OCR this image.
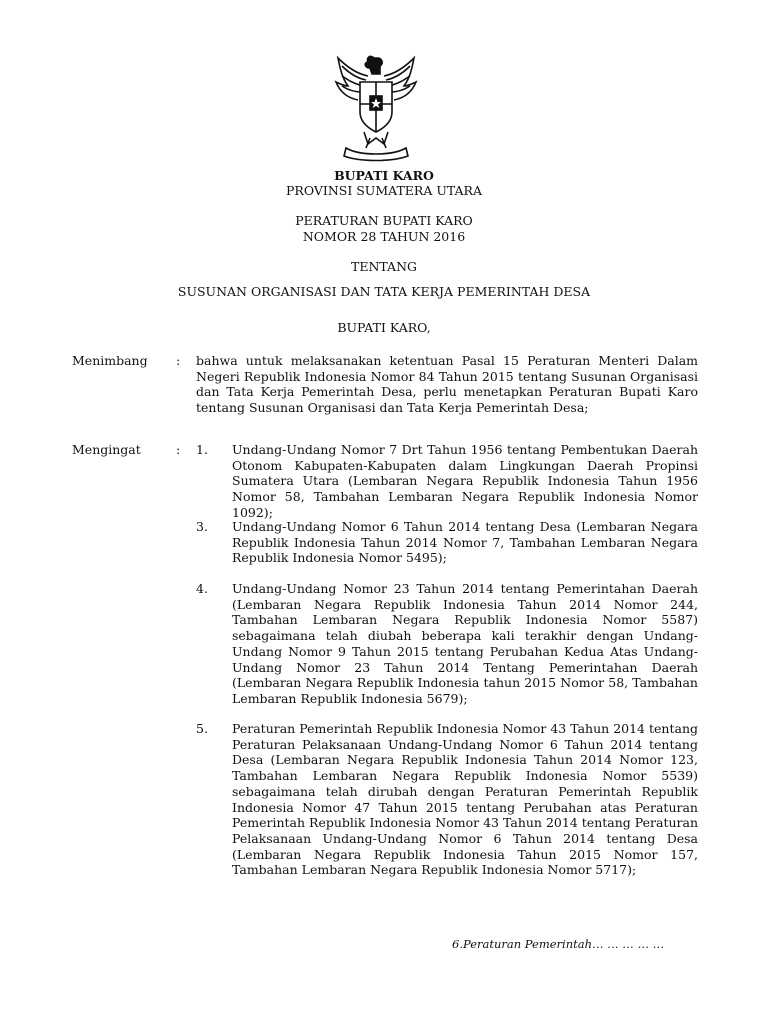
BUPATI KARO
PROVINSI SUMATERA UTARA
PERATURAN BUPATI KARO
NOMOR 28 TAHUN 2016
TENTANG
SUSUNAN ORGANISASI DAN TATA KERJA PEMERINTAH DESA
BUPATI KARO,
Menimbang : bahwa untuk melaksanakan ketentuan Pasal 15 Peraturan Menteri Dalam Negeri Republik Indonesia Nomor 84 Tahun 2015 tentang Susunan Organisasi dan Tata Kerja Pemerintah Desa, perlu menetapkan Peraturan Bupati Karo tentang Susunan Organisasi dan Tata Kerja Pemerintah Desa;
Mengingat	: 1. Undang-Undang Nomor 7 Drt Tahun 1956 tentang Pembentukan Daerah Otonom Kabupaten-Kabupaten dalam Lingkungan Daerah Propinsi Sumatera Utara (Lembaran Negara Republik Indonesia Tahun 1956 Nomor 58, Tambahan Lembaran Negara Republik Indonesia Nomor 1092);
3. Undang-Undang Nomor 6 Tahun 2014 tentang Desa (Lembaran Negara Republik Indonesia Tahun 2014 Nomor 7, Tambahan Lembaran Negara Republik Indonesia Nomor 5495);
4. Undang-Undang Nomor 23 Tahun 2014 tentang Pemerintahan Daerah (Lembaran Negara Republik Indonesia Tahun 2014 Nomor 244, Tambahan Lembaran Negara Republik Indonesia Nomor 5587) sebagaimana telah diubah beberapa kali terakhir dengan Undang-Undang Nomor 9 Tahun 2015 tentang Perubahan Kedua Atas Undang-Undang Nomor 23 Tahun 2014 Tentang Pemerintahan Daerah (Lembaran Negara Republik Indonesia tahun 2015 Nomor 58, Tambahan Lembaran Republik Indonesia 5679);
5. Peraturan Pemerintah Republik Indonesia Nomor 43 Tahun 2014 tentang Peraturan Pelaksanaan Undang-Undang Nomor 6 Tahun 2014 tentang Desa (Lembaran Negara Republik Indonesia Tahun 2014 Nomor 123, Tambahan Lembaran Negara Republik Indonesia Nomor 5539) sebagaimana telah dirubah dengan Peraturan Pemerintah Republik Indonesia Nomor 47 Tahun 2015 tentang Perubahan atas Peraturan Pemerintah Republik Indonesia Nomor 43 Tahun 2014 tentang Peraturan Pelaksanaan Undang-Undang Nomor 6 Tahun 2014 tentang Desa (Lembaran Negara Republik Indonesia Tahun 2015 Nomor 157, Tambahan Lembaran Negara Republik Indonesia Nomor 5717);
6.Peraturan Pemerintah… … … … …
